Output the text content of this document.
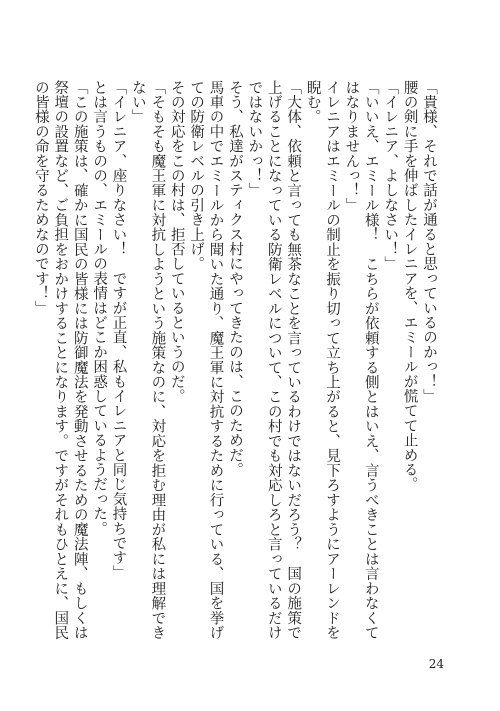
「貴様、それで話が通ると思っているのかっ！」

腰の剣に手を伸ばしたイレニアを、エミールが慌てて止める。

「イレニア、よしなさい！」

「いいえ、エミール様！　こちらが依頼する側とはいえ、言うべきことは言わなくてはなりませんっ！」

イレニアはエミールの制止を振り切って立ち上がると、見下ろすようにアーレンドを睨む。

「大体、依頼と言っても無茶なことを言っているわけではないだろう？　国の施策で上げることになっている防衛レベルについて、この村でも対応しろと言っているだけではないかっ！」

そう、私達がスティクス村にやってきたのは、このためだ。

馬車の中でエミールから聞いた通り、魔王軍に対抗するために行っている、国を挙げての防衛レベルの引き上げ。

その対応をこの村は、拒否しているというのだ。

「そもそも魔王軍に対抗しようという施策なのに、対応を拒む理由が私には理解できない」

「イレニア、座りなさい！　ですが正直、私もイレニアと同じ気持ちです」

とは言うものの、エミールの表情はどこか困惑しているようだった。

「この施策は、確かに国民の皆様には防御魔法を発動させるための魔法陣、もしくは祭壇の設置など、ご負担をおかけすることになります。ですがそれもひとえに、国民の皆様の命を守るためなのです！」

24
